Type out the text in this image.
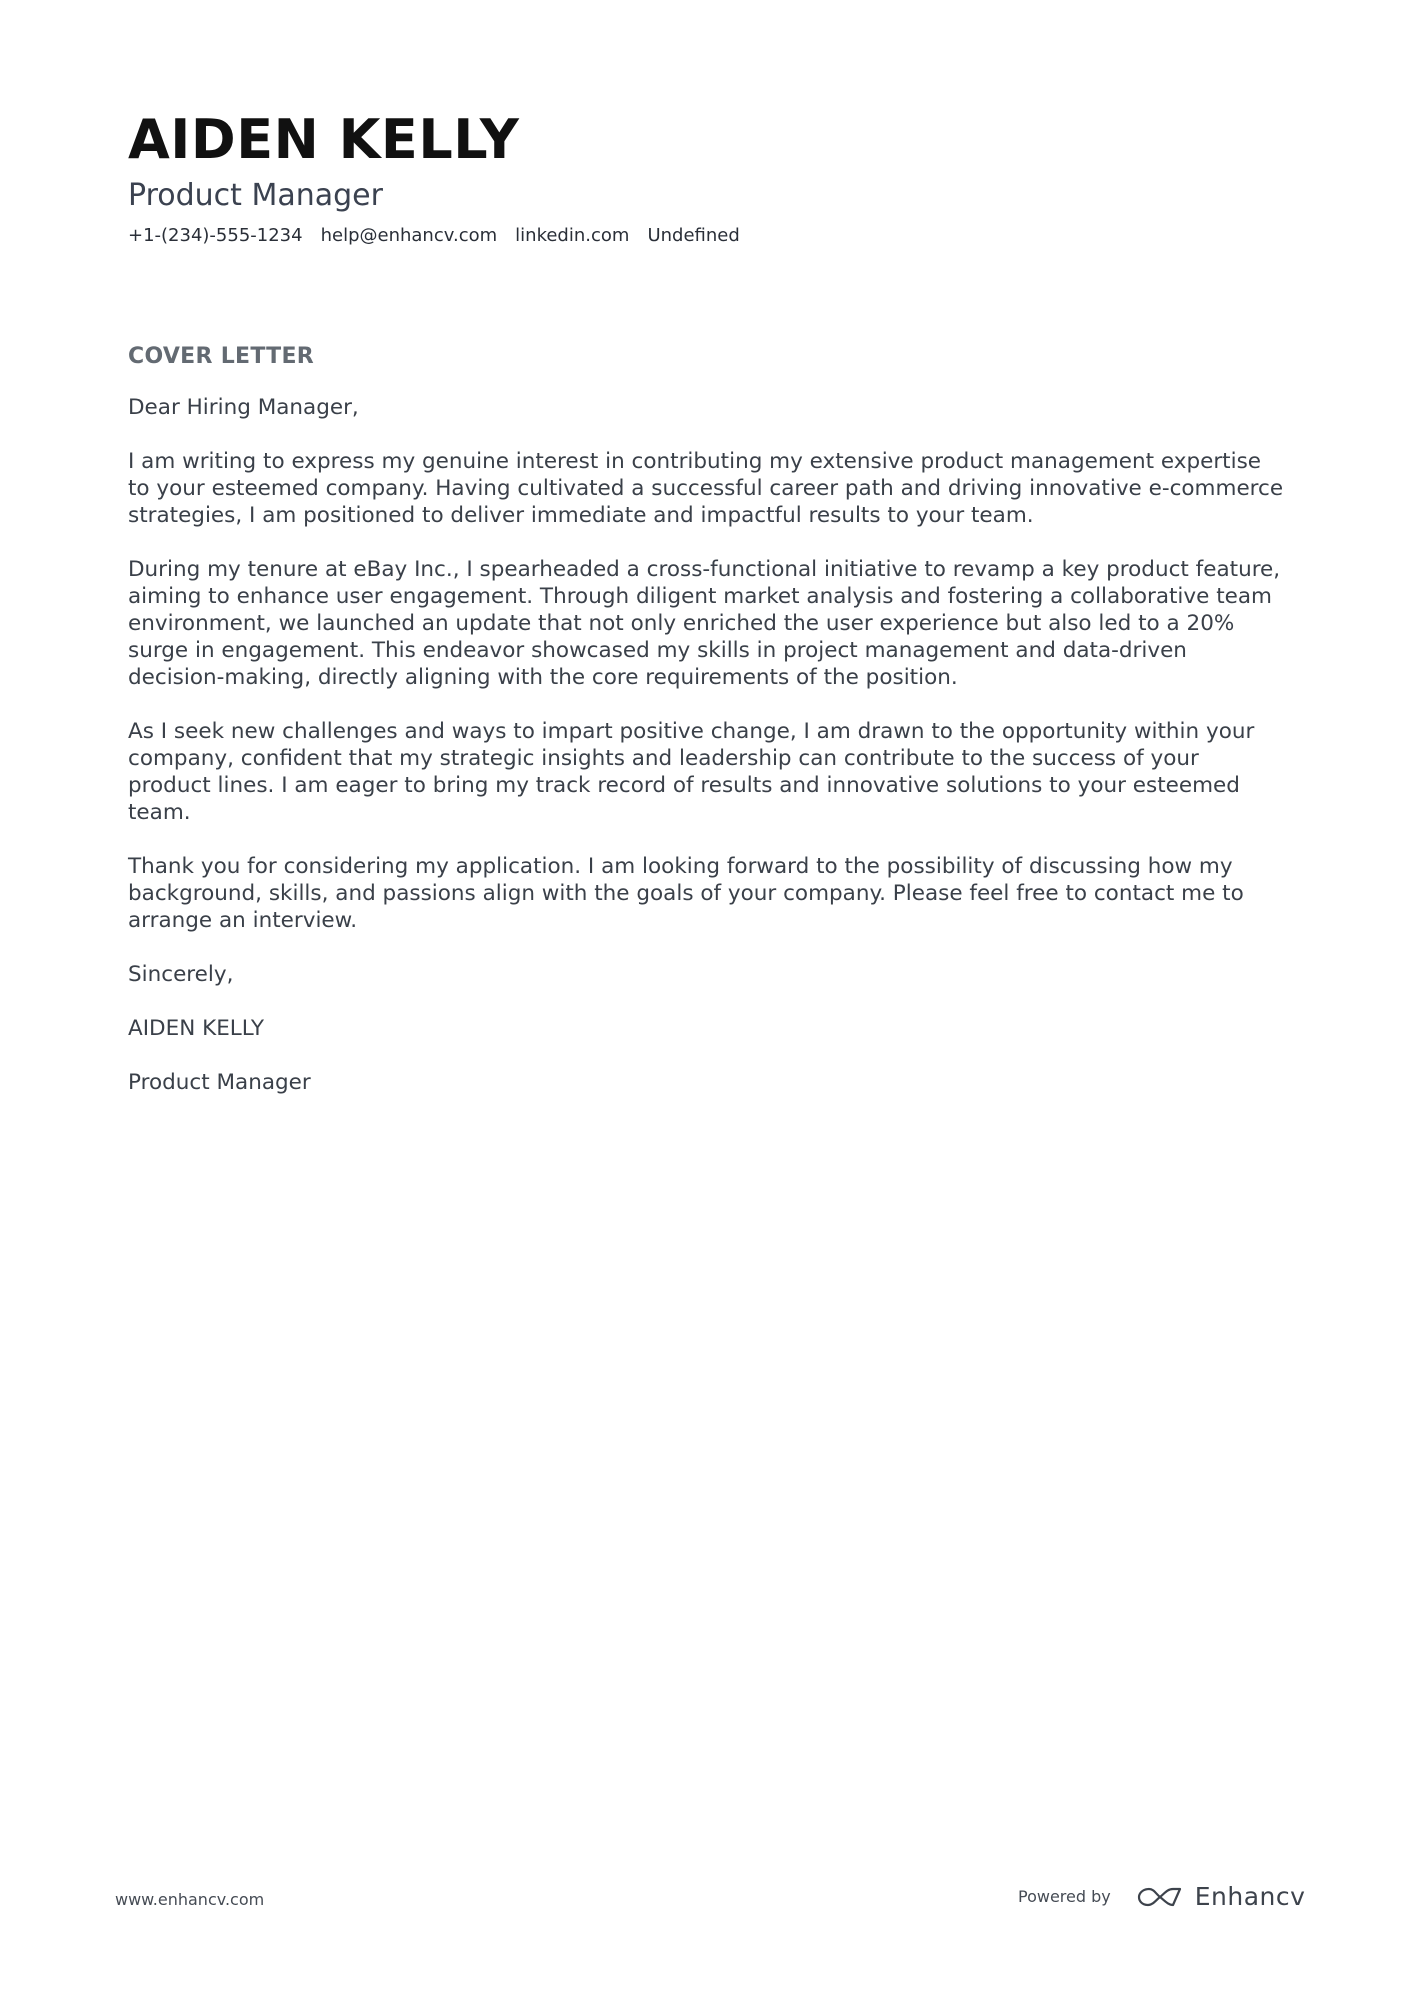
AIDEN KELLY
Product Manager
+1-(234)-555-1234 help@enhancv.com linkedin.com Undefined
COVER LETTER

Dear Hiring Manager,

I am writing to express my genuine interest in contributing my extensive product management expertise to your esteemed company. Having cultivated a successful career path and driving innovative e-commerce strategies, I am positioned to deliver immediate and impactful results to your team.

During my tenure at eBay Inc., I spearheaded a cross-functional initiative to revamp a key product feature, aiming to enhance user engagement. Through diligent market analysis and fostering a collaborative team environment, we launched an update that not only enriched the user experience but also led to a 20% surge in engagement. This endeavor showcased my skills in project management and data-driven decision-making, directly aligning with the core requirements of the position.

As I seek new challenges and ways to impart positive change, I am drawn to the opportunity within your company, confident that my strategic insights and leadership can contribute to the success of your product lines. I am eager to bring my track record of results and innovative solutions to your esteemed team.

Thank you for considering my application. I am looking forward to the possibility of discussing how my background, skills, and passions align with the goals of your company. Please feel free to contact me to arrange an interview.

Sincerely,

AIDEN KELLY

Product Manager

www.enhancv.com	Powered by	Enhancv
